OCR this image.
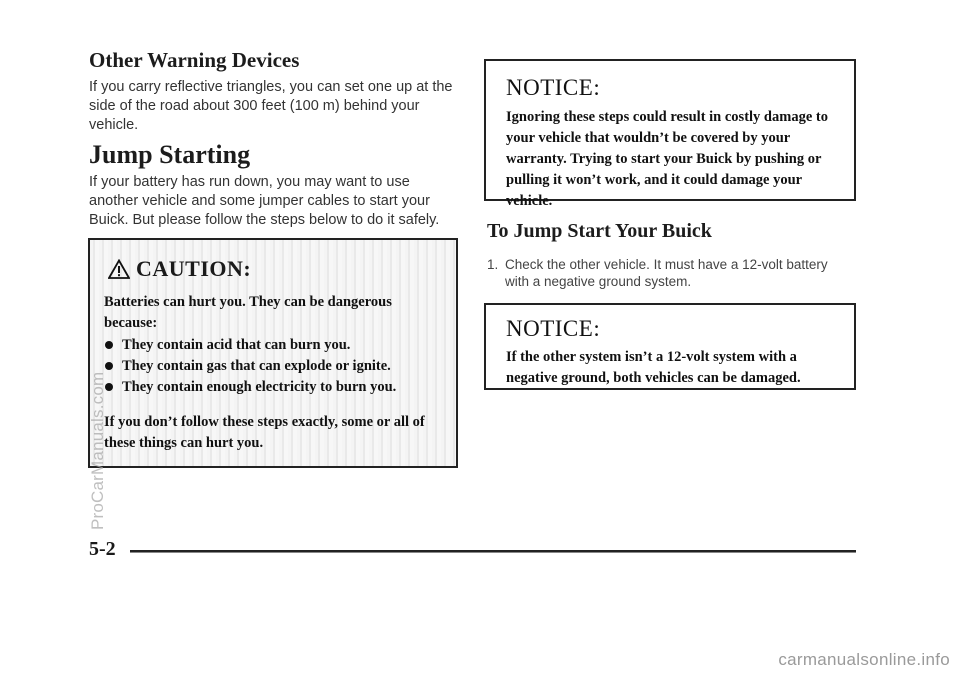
Other Warning Devices

If you carry reflective triangles, you can set one up at the side of the road about 300 feet (100 m) behind your vehicle.

Jump Starting

If your battery has run down, you may want to use another vehicle and some jumper cables to start your Buick. But please follow the steps below to do it safely.

CAUTION:

Batteries can hurt you. They can be dangerous because:

They contain acid that can burn you.
They contain gas that can explode or ignite.
They contain enough electricity to burn you.

If you don’t follow these steps exactly, some or all of these things can hurt you.

NOTICE:

Ignoring these steps could result in costly damage to your vehicle that wouldn’t be covered by your warranty. Trying to start your Buick by pushing or pulling it won’t work, and it could damage your vehicle.

To Jump Start Your Buick
1. Check the other vehicle. It must have a 12-volt battery with a negative ground system.
NOTICE:

If the other system isn’t a 12-volt system with a negative ground, both vehicles can be damaged.

5-2

ProCarManuals.com

carmanualsonline.info
